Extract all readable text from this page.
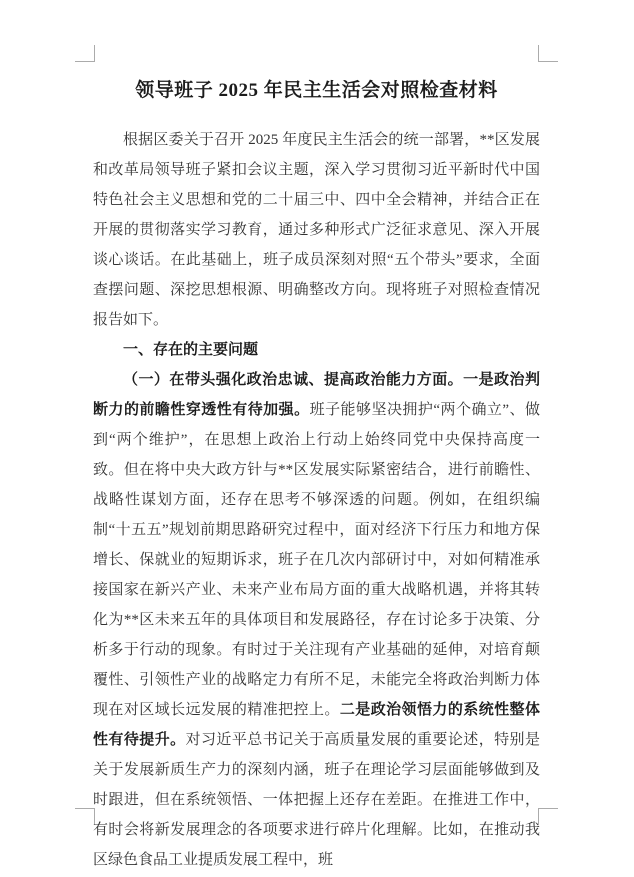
领导班子 2025 年民主生活会对照检查材料

根据区委关于召开 2025 年度民主生活会的统一部署，**区发展和改革局领导班子紧扣会议主题，深入学习贯彻习近平新时代中国特色社会主义思想和党的二十届三中、四中全会精神，并结合正在开展的贯彻落实学习教育，通过多种形式广泛征求意见、深入开展谈心谈话。在此基础上，班子成员深刻对照“五个带头”要求，全面查摆问题、深挖思想根源、明确整改方向。现将班子对照检查情况报告如下。

一、存在的主要问题

（一）在带头强化政治忠诚、提高政治能力方面。一是政治判断力的前瞻性穿透性有待加强。班子能够坚决拥护“两个确立”、做到“两个维护”，在思想上政治上行动上始终同党中央保持高度一致。但在将中央大政方针与**区发展实际紧密结合，进行前瞻性、战略性谋划方面，还存在思考不够深透的问题。例如，在组织编制“十五五”规划前期思路研究过程中，面对经济下行压力和地方保增长、保就业的短期诉求，班子在几次内部研讨中，对如何精准承接国家在新兴产业、未来产业布局方面的重大战略机遇，并将其转化为**区未来五年的具体项目和发展路径，存在讨论多于决策、分析多于行动的现象。有时过于关注现有产业基础的延伸，对培育颠覆性、引领性产业的战略定力有所不足，未能完全将政治判断力体现在对区域长远发展的精准把控上。二是政治领悟力的系统性整体性有待提升。对习近平总书记关于高质量发展的重要论述，特别是关于发展新质生产力的深刻内涵，班子在理论学习层面能够做到及时跟进，但在系统领悟、一体把握上还存在差距。在推进工作中，有时会将新发展理念的各项要求进行碎片化理解。比如，在推动我区绿色食品工业提质发展工程中，班
